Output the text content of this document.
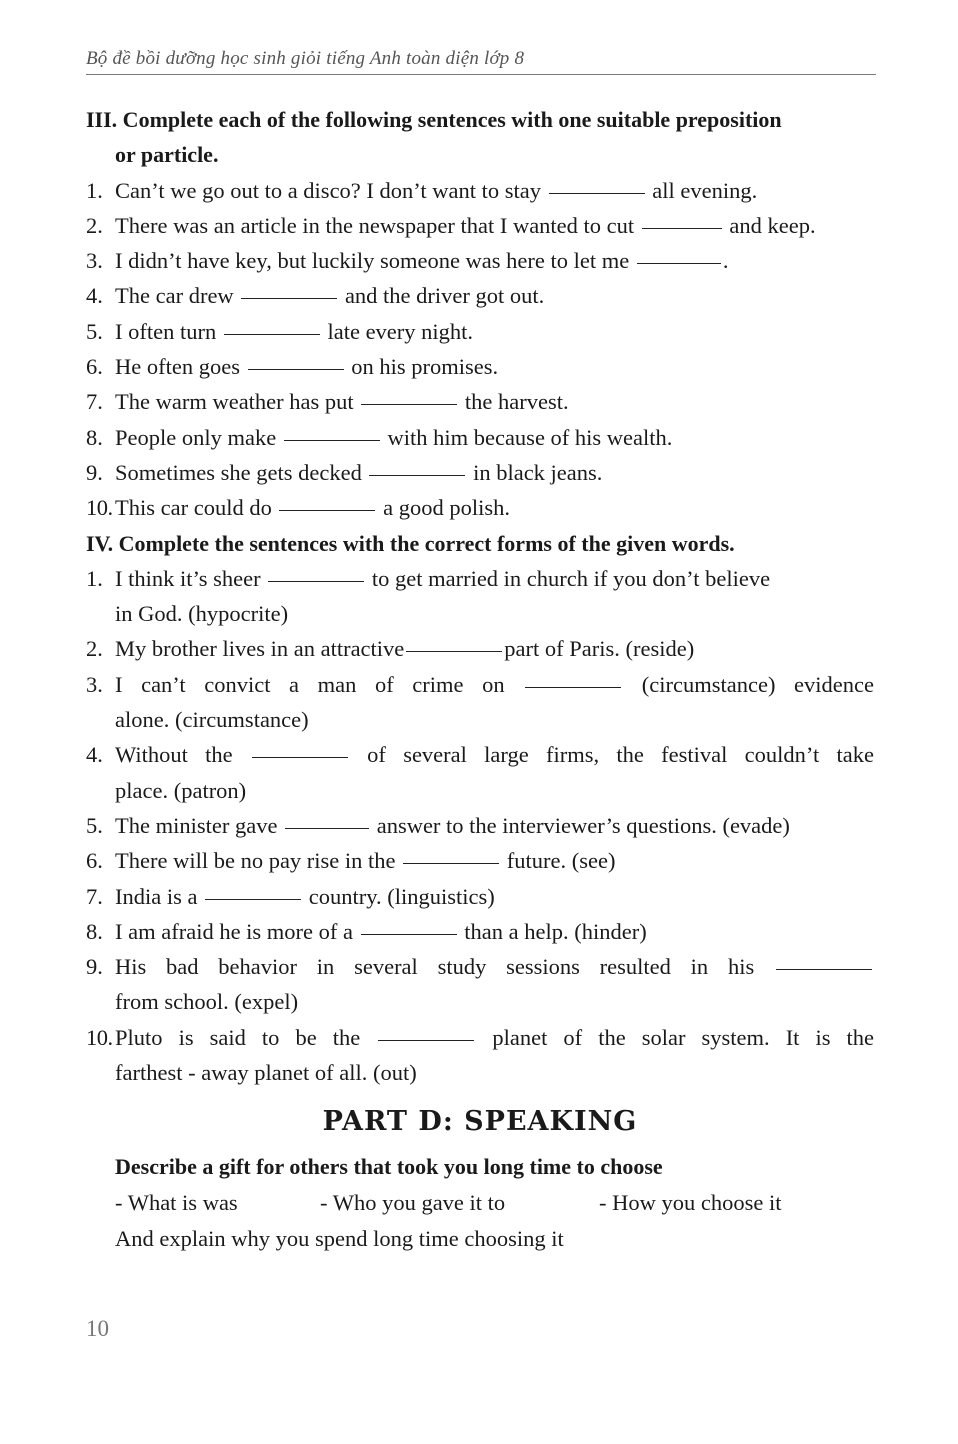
Bộ đề bồi dưỡng học sinh giỏi tiếng Anh toàn diện lớp 8
III. Complete each of the following sentences with one suitable preposition
or particle.
1. Can’t we go out to a disco? I don’t want to stay	all evening.
2. There was an article in the newspaper that I wanted to cut	and keep.
3. I didn’t have key, but luckily someone was here to let me	.
4. The car drew	and the driver got out.
5. I often turn	late every night.
6. He often goes	on his promises.
7. The warm weather has put	the harvest.
8. People only make	with him because of his wealth.
9. Sometimes she gets decked	in black jeans.
10. This car could do	a good polish.
IV. Complete the sentences with the correct forms of the given words.
1. I think it’s sheer	to get married in church if you don’t believe
in God. (hypocrite)
2. My brother lives in an attractive	part of Paris. (reside)
3. I can’t convict a man of crime on	(circumstance) evidence
alone. (circumstance)
4. Without the	of several large firms, the festival couldn’t take
place. (patron)
5. The minister gave	answer to the interviewer’s questions. (evade)
6. There will be no pay rise in the	future. (see)
7. India is a	country. (linguistics)
8. I am afraid he is more of a	than a help. (hinder)
9. His bad behavior in several study sessions resulted in his
from school. (expel)
10. Pluto is said to be the	planet of the solar system. It is the
farthest - away planet of all. (out)
PART D: SPEAKING
Describe a gift for others that took you long time to choose
- What is was	- Who you gave it to	- How you choose it
And explain why you spend long time choosing it
10
